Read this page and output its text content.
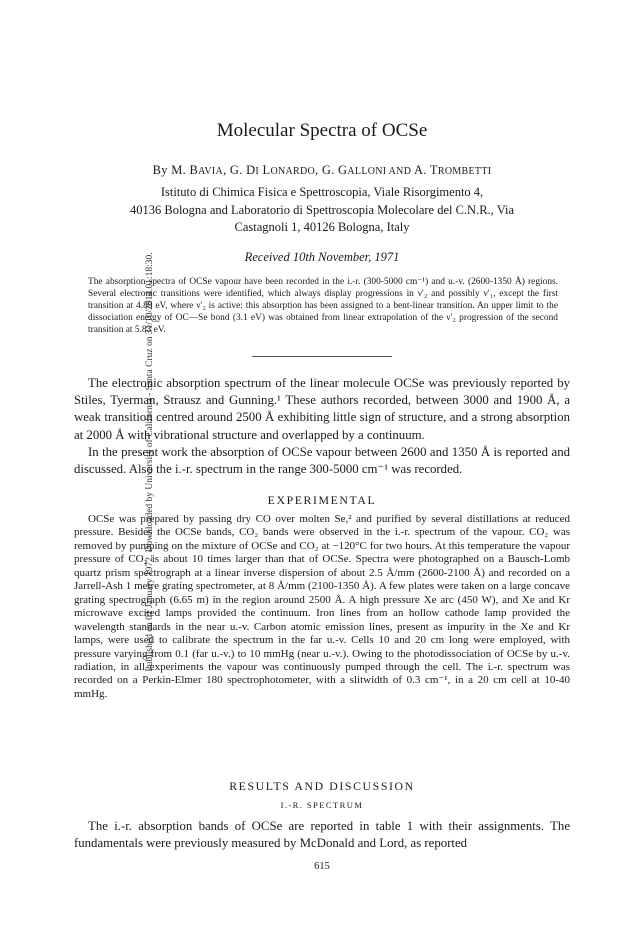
Published on 01 January 1972. Downloaded by University of California - Santa Cruz on 31/10/2014 01:18:30.
Molecular Spectra of OCSe
By M. BAVIA, G. DI LONARDO, G. GALLONI AND A. TROMBETTI
Istituto di Chimica Fisica e Spettroscopia, Viale Risorgimento 4,
40136 Bologna and Laboratorio di Spettroscopia Molecolare del C.N.R., Via
Castagnoli 1, 40126 Bologna, Italy
Received 10th November, 1971
The absorption spectra of OCSe vapour have been recorded in the i.-r. (300-5000 cm⁻¹) and u.-v. (2600-1350 Å) regions. Several electronic transitions were identified, which always display progressions in ν′₂ and possibly ν′₁, except the first transition at 4.89 eV, where ν′₂ is active: this absorption has been assigned to a bent-linear transition. An upper limit to the dissociation energy of OC—Se bond (3.1 eV) was obtained from linear extrapolation of the ν′₂ progression of the second transition at 5.83 eV.

The electronic absorption spectrum of the linear molecule OCSe was previously reported by Stiles, Tyerman, Strausz and Gunning.¹ These authors recorded, between 3000 and 1900 Å, a weak transition centred around 2500 Å exhibiting little sign of structure, and a strong absorption at 2000 Å with vibrational structure and overlapped by a continuum.

In the present work the absorption of OCSe vapour between 2600 and 1350 Å is reported and discussed. Also the i.-r. spectrum in the range 300-5000 cm⁻¹ was recorded.

EXPERIMENTAL

OCSe was prepared by passing dry CO over molten Se,² and purified by several distillations at reduced pressure. Besides the OCSe bands, CO₂ bands were observed in the i.-r. spectrum of the vapour. CO₂ was removed by pumping on the mixture of OCSe and CO₂ at −120°C for two hours. At this temperature the vapour pressure of CO₂ is about 10 times larger than that of OCSe. Spectra were photographed on a Bausch-Lomb quartz prism spectrograph at a linear inverse dispersion of about 2.5 Å/mm (2600-2100 Å) and recorded on a Jarrell-Ash 1 metre grating spectrometer, at 8 Å/mm (2100-1350 Å). A few plates were taken on a large concave grating spectrograph (6.65 m) in the region around 2500 Å. A high pressure Xe arc (450 W), and Xe and Kr microwave excited lamps provided the continuum. Iron lines from an hollow cathode lamp provided the wavelength standards in the near u.-v. Carbon atomic emission lines, present as impurity in the Xe and Kr lamps, were used to calibrate the spectrum in the far u.-v. Cells 10 and 20 cm long were employed, with pressure varying from 0.1 (far u.-v.) to 10 mmHg (near u.-v.). Owing to the photodissociation of OCSe by u.-v. radiation, in all experiments the vapour was continuously pumped through the cell. The i.-r. spectrum was recorded on a Perkin-Elmer 180 spectrophotometer, with a slitwidth of 0.3 cm⁻¹, in a 20 cm cell at 10-40 mmHg.

RESULTS AND DISCUSSION
I.-R. SPECTRUM

The i.-r. absorption bands of OCSe are reported in table 1 with their assignments. The fundamentals were previously measured by McDonald and Lord, as reported

615
